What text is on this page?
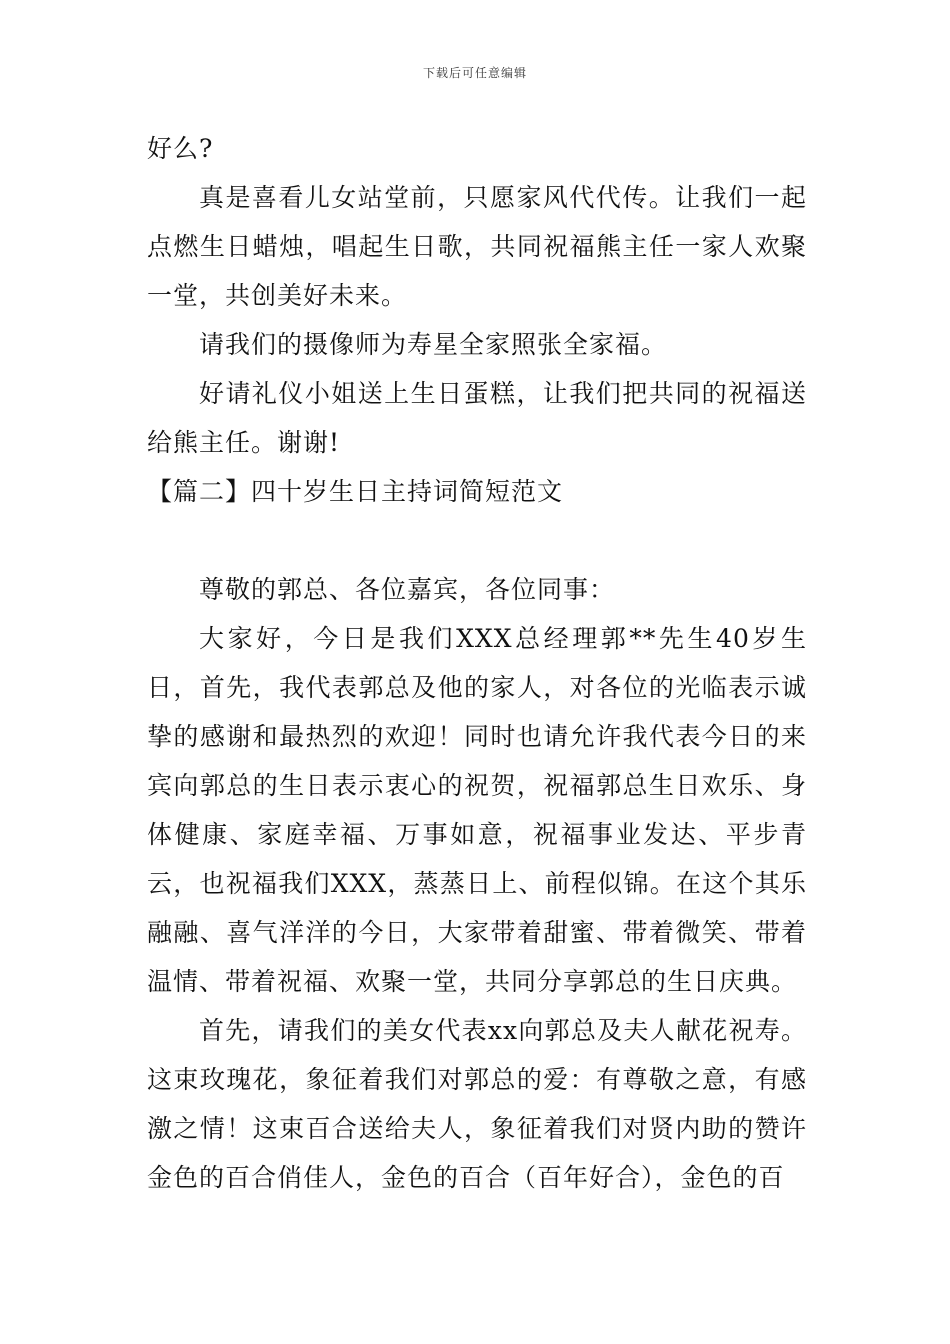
下载后可任意编辑

好么?

真是喜看儿女站堂前，只愿家风代代传。让我们一起点燃生日蜡烛，唱起生日歌，共同祝福熊主任一家人欢聚一堂，共创美好未来。

请我们的摄像师为寿星全家照张全家福。

好请礼仪小姐送上生日蛋糕，让我们把共同的祝福送给熊主任。谢谢!

【篇二】四十岁生日主持词简短范文

尊敬的郭总、各位嘉宾，各位同事：

大家好，今日是我们XXX总经理郭**先生40岁生日，首先，我代表郭总及他的家人，对各位的光临表示诚挚的感谢和最热烈的欢迎！同时也请允许我代表今日的来宾向郭总的生日表示衷心的祝贺，祝福郭总生日欢乐、身体健康、家庭幸福、万事如意，祝福事业发达、平步青云，也祝福我们XXX，蒸蒸日上、前程似锦。在这个其乐融融、喜气洋洋的今日，大家带着甜蜜、带着微笑、带着温情、带着祝福、欢聚一堂，共同分享郭总的生日庆典。

首先，请我们的美女代表xx向郭总及夫人献花祝寿。这束玫瑰花，象征着我们对郭总的爱：有尊敬之意，有感激之情！这束百合送给夫人，象征着我们对贤内助的赞许金色的百合俏佳人，金色的百合（百年好合），金色的百
